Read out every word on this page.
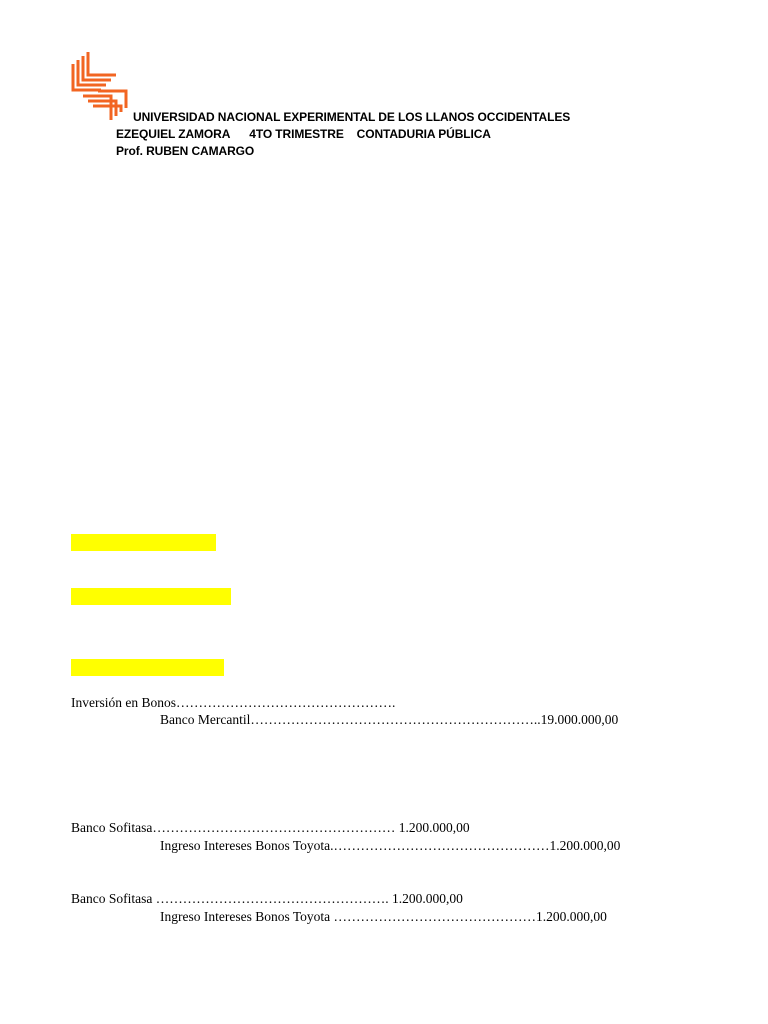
UNIVERSIDAD NACIONAL EXPERIMENTAL DE LOS LLANOS OCCIDENTALES
EZEQUIEL ZAMORA      4TO TRIMESTRE    CONTADURIA PÚBLICA
Prof. RUBEN CAMARGO
Inversión en Bonos………………………………………….
Banco Mercantil………………………………………………………..19.000.000,00
Banco Sofitasa……………………………………………… 1.200.000,00
Ingreso Intereses Bonos Toyota.…………………………………………1.200.000,00
Banco Sofitasa ……………………………………………. 1.200.000,00
Ingreso Intereses Bonos Toyota ………………………………………1.200.000,00
